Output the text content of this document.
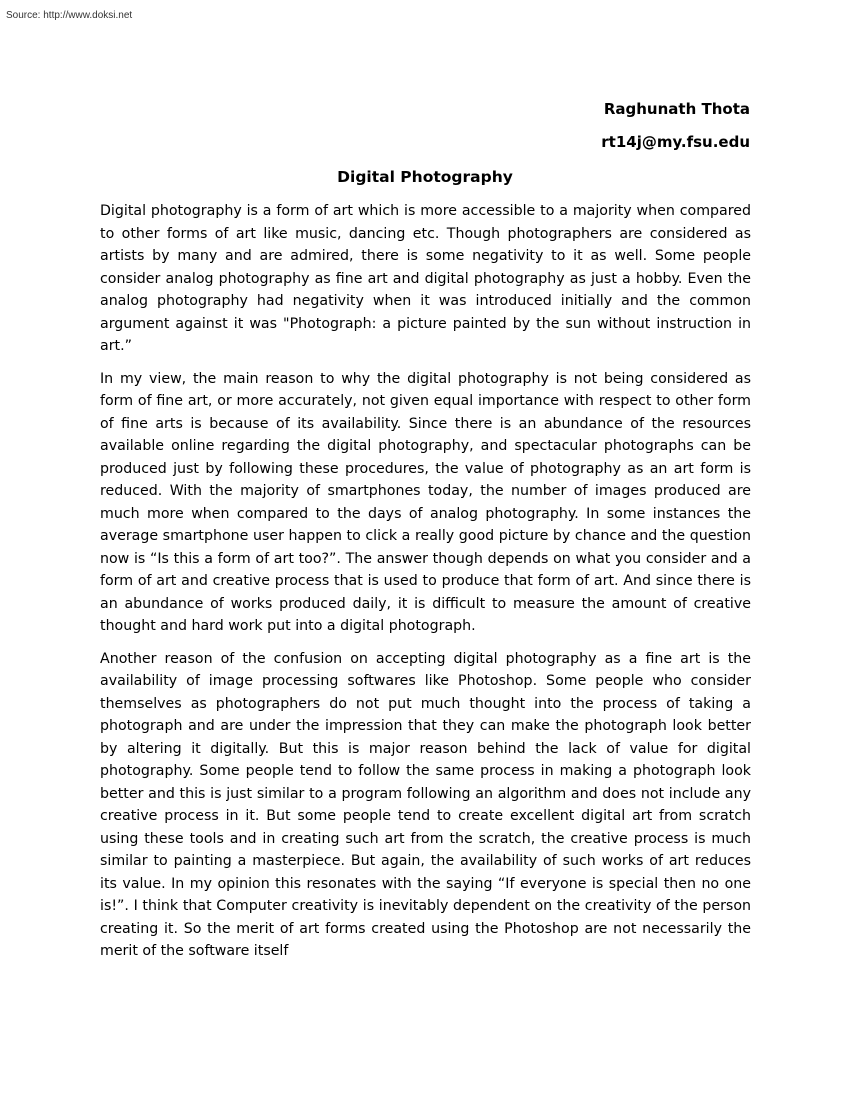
Source: http://www.doksi.net
Raghunath Thota
rt14j@my.fsu.edu
Digital Photography

Digital photography is a form of art which is more accessible to a majority when compared to other forms of art like music, dancing etc. Though photographers are considered as artists by many and are admired, there is some negativity to it as well. Some people consider analog photography as fine art and digital photography as just a hobby. Even the analog photography had negativity when it was introduced initially and the common argument against it was "Photograph: a picture painted by the sun without instruction in art.”

In my view, the main reason to why the digital photography is not being considered as form of fine art, or more accurately, not given equal importance with respect to other form of fine arts is because of its availability. Since there is an abundance of the resources available online regarding the digital photography, and spectacular photographs can be produced just by following these procedures, the value of photography as an art form is reduced. With the majority of smartphones today, the number of images produced are much more when compared to the days of analog photography. In some instances the average smartphone user happen to click a really good picture by chance and the question now is “Is this a form of art too?”. The answer though depends on what you consider and a form of art and creative process that is used to produce that form of art. And since there is an abundance of works produced daily, it is difficult to measure the amount of creative thought and hard work put into a digital photograph.

Another reason of the confusion on accepting digital photography as a fine art is the availability of image processing softwares like Photoshop. Some people who consider themselves as photographers do not put much thought into the process of taking a photograph and are under the impression that they can make the photograph look better by altering it digitally. But this is major reason behind the lack of value for digital photography. Some people tend to follow the same process in making a photograph look better and this is just similar to a program following an algorithm and does not include any creative process in it. But some people tend to create excellent digital art from scratch using these tools and in creating such art from the scratch, the creative process is much similar to painting a masterpiece. But again, the availability of such works of art reduces its value. In my opinion this resonates with the saying “If everyone is special then no one is!”. I think that Computer creativity is inevitably dependent on the creativity of the person creating it. So the merit of art forms created using the Photoshop are not necessarily the merit of the software itself
